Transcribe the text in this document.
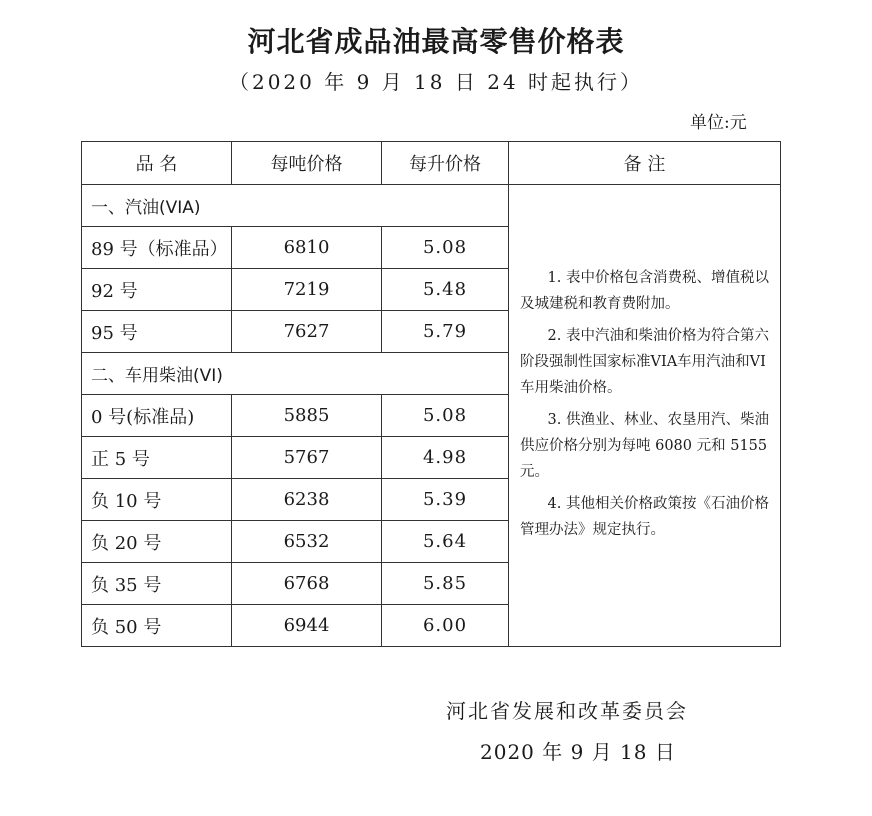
河北省成品油最高零售价格表
（2020 年 9 月 18 日 24 时起执行）
单位:元
品 名	每吨价格	每升价格	备 注
一、汽油(VIA)			1. 表中价格包含消费税、增值税以及城建税和教育费附加。

2. 表中汽油和柴油价格为符合第六阶段强制性国家标准VIA车用汽油和VI车用柴油价格。

3. 供渔业、林业、农垦用汽、柴油供应价格分别为每吨 6080 元和 5155 元。

4. 其他相关价格政策按《石油价格管理办法》规定执行。

89 号（标准品）	6810	5.08	
92 号	7219	5.48	
95 号	7627	5.79	
二、车用柴油(VI)			
0 号(标准品)	5885	5.08	
正 5 号	5767	4.98	
负 10 号	6238	5.39	
负 20 号	6532	5.64	
负 35 号	6768	5.85	
负 50 号	6944	6.00	
河北省发展和改革委员会
2020 年 9 月 18 日
